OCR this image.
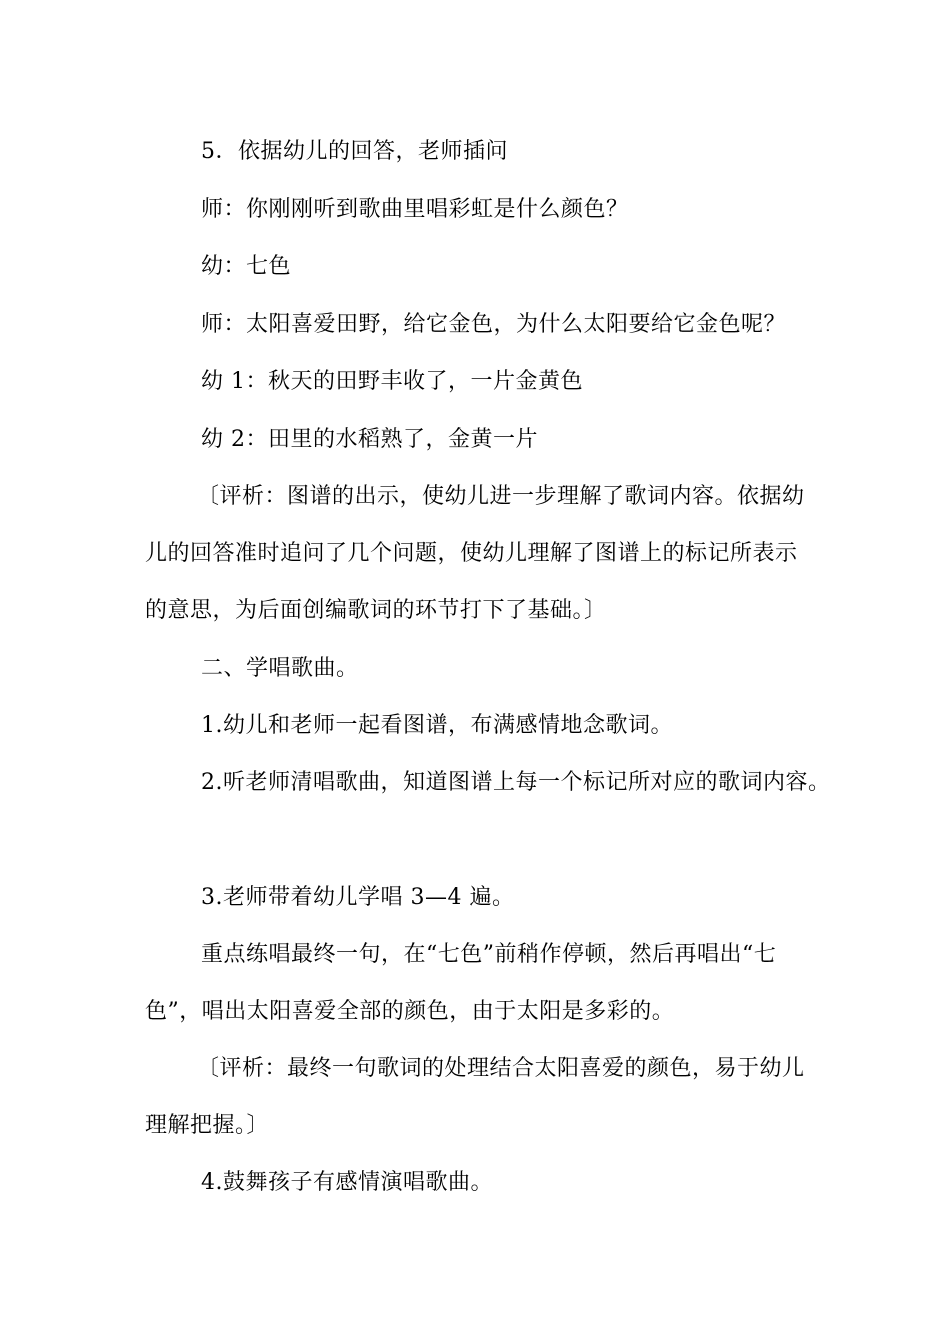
5．依据幼儿的回答，老师插问
师：你刚刚听到歌曲里唱彩虹是什么颜色？
幼：七色
师：太阳喜爱田野，给它金色，为什么太阳要给它金色呢？
幼 1：秋天的田野丰收了，一片金黄色
幼 2：田里的水稻熟了，金黄一片
〔评析：图谱的出示，使幼儿进一步理解了歌词内容。依据幼
儿的回答准时追问了几个问题，使幼儿理解了图谱上的标记所表示
的意思，为后面创编歌词的环节打下了基础。〕
二、学唱歌曲。
1.幼儿和老师一起看图谱，布满感情地念歌词。
2.听老师清唱歌曲，知道图谱上每一个标记所对应的歌词内容。
3.老师带着幼儿学唱 3—4 遍。
重点练唱最终一句，在“七色”前稍作停顿，然后再唱出“七
色”，唱出太阳喜爱全部的颜色，由于太阳是多彩的。
〔评析：最终一句歌词的处理结合太阳喜爱的颜色，易于幼儿
理解把握。〕
4.鼓舞孩子有感情演唱歌曲。
